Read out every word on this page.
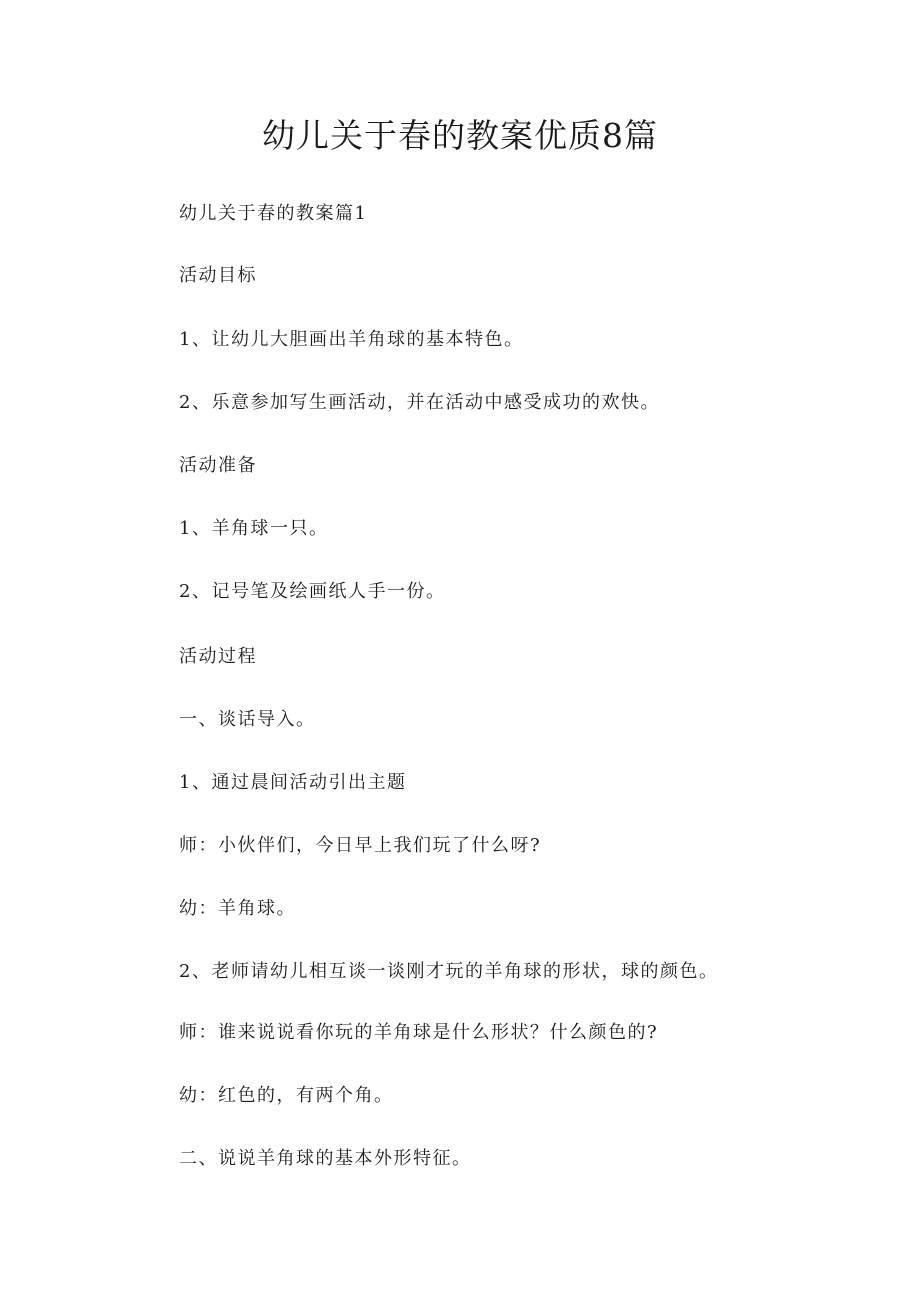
幼儿关于春的教案优质8篇
幼儿关于春的教案篇1
活动目标
1、让幼儿大胆画出羊角球的基本特色。
2、乐意参加写生画活动，并在活动中感受成功的欢快。
活动准备
1、羊角球一只。
2、记号笔及绘画纸人手一份。
活动过程
一、谈话导入。
1、通过晨间活动引出主题
师：小伙伴们，今日早上我们玩了什么呀?
幼：羊角球。
2、老师请幼儿相互谈一谈刚才玩的羊角球的形状，球的颜色。
师：谁来说说看你玩的羊角球是什么形状？什么颜色的?
幼：红色的，有两个角。
二、说说羊角球的基本外形特征。
